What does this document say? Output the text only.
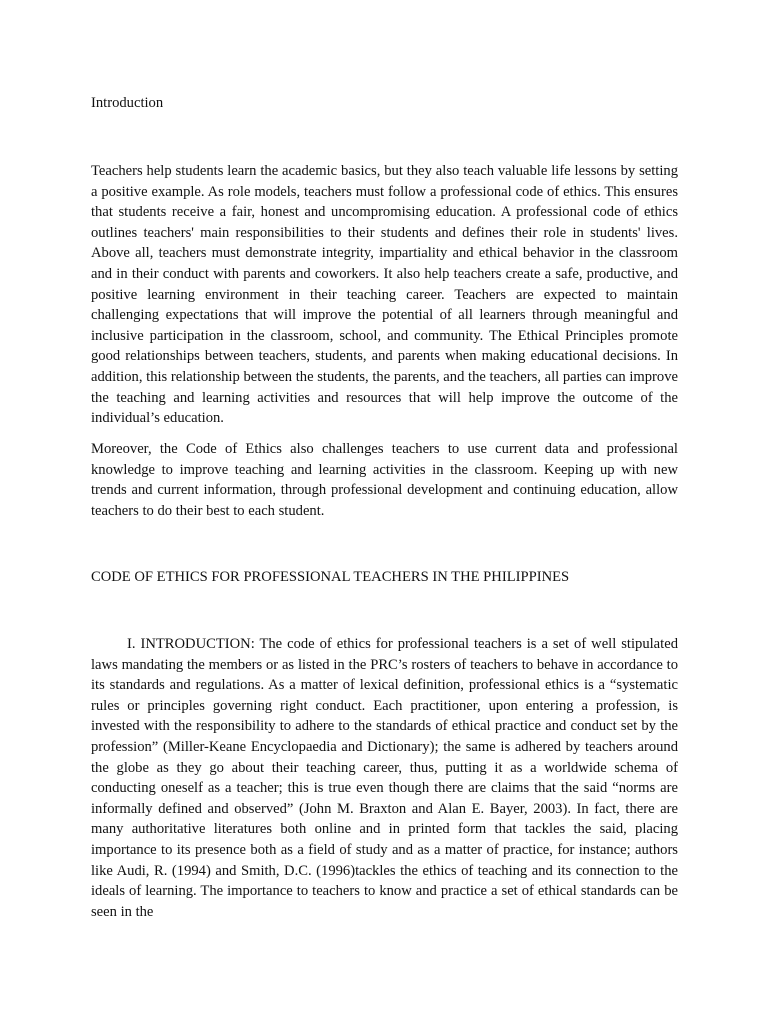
Introduction

Teachers help students learn the academic basics, but they also teach valuable life lessons by setting a positive example. As role models, teachers must follow a professional code of ethics. This ensures that students receive a fair, honest and uncompromising education. A professional code of ethics outlines teachers' main responsibilities to their students and defines their role in students' lives. Above all, teachers must demonstrate integrity, impartiality and ethical behavior in the classroom and in their conduct with parents and coworkers. It also help teachers create a safe, productive, and positive learning environment in their teaching career. Teachers are expected to maintain challenging expectations that will improve the potential of all learners through meaningful and inclusive participation in the classroom, school, and community. The Ethical Principles promote good relationships between teachers, students, and parents when making educational decisions. In addition, this relationship between the students, the parents, and the teachers, all parties can improve the teaching and learning activities and resources that will help improve the outcome of the individual’s education.

Moreover, the Code of Ethics also challenges teachers to use current data and professional knowledge to improve teaching and learning activities in the classroom. Keeping up with new trends and current information, through professional development and continuing education, allow teachers to do their best to each student.

CODE OF ETHICS FOR PROFESSIONAL TEACHERS IN THE PHILIPPINES

I. INTRODUCTION: The code of ethics for professional teachers is a set of well stipulated laws mandating the members or as listed in the PRC’s rosters of teachers to behave in accordance to its standards and regulations. As a matter of lexical definition, professional ethics is a “systematic rules or principles governing right conduct. Each practitioner, upon entering a profession, is invested with the responsibility to adhere to the standards of ethical practice and conduct set by the profession” (Miller-Keane Encyclopaedia and Dictionary); the same is adhered by teachers around the globe as they go about their teaching career, thus, putting it as a worldwide schema of conducting oneself as a teacher; this is true even though there are claims that the said “norms are informally defined and observed” (John M. Braxton and Alan E. Bayer, 2003). In fact, there are many authoritative literatures both online and in printed form that tackles the said, placing importance to its presence both as a field of study and as a matter of practice, for instance; authors like Audi, R. (1994) and Smith, D.C. (1996)tackles the ethics of teaching and its connection to the ideals of learning. The importance to teachers to know and practice a set of ethical standards can be seen in the
